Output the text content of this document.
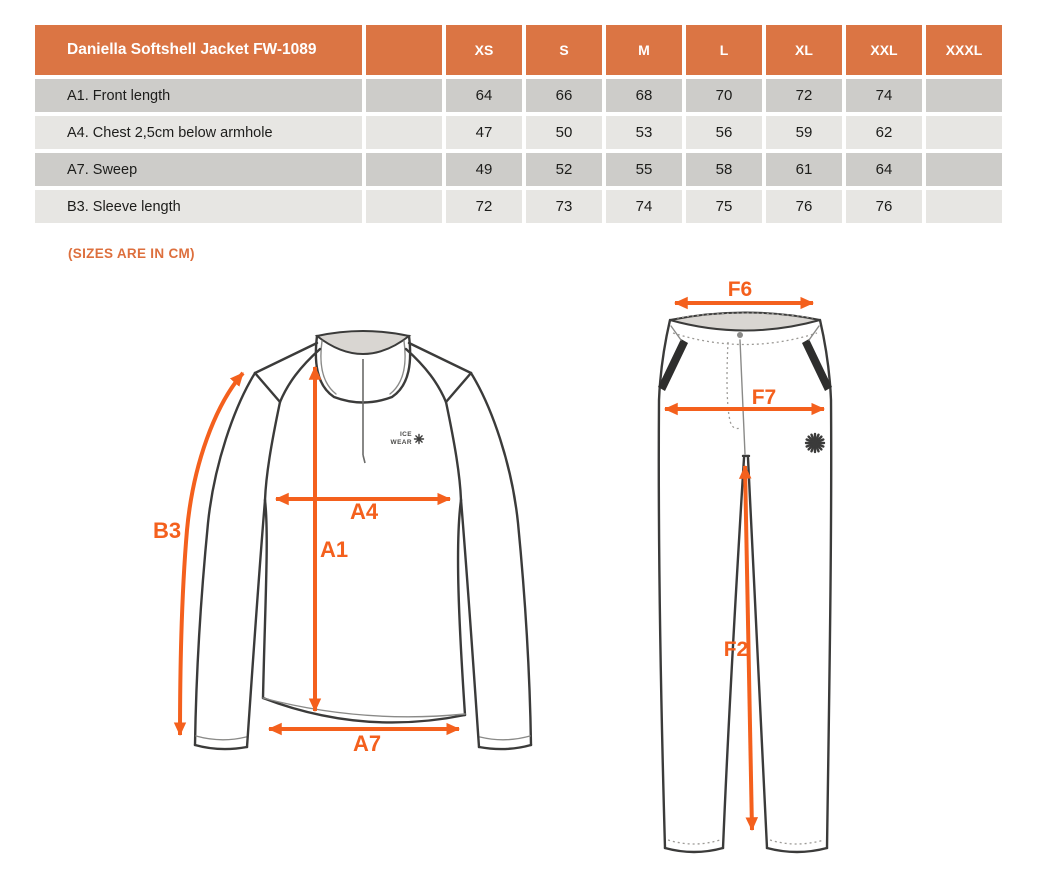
Daniella Softshell Jacket FW-1089	XS	S	M	L	XL	XXL	XXXL
A1. Front length	64	66	68	70	72	74
A4. Chest 2,5cm below armhole	47	50	53	56	59	62
A7. Sweep	49	52	55	58	61	64
B3. Sleeve length	72	73	74	75	76	76
(SIZES ARE IN CM)
ICE
WEAR
B3
A1
A4
A7
F6
F7
F2
